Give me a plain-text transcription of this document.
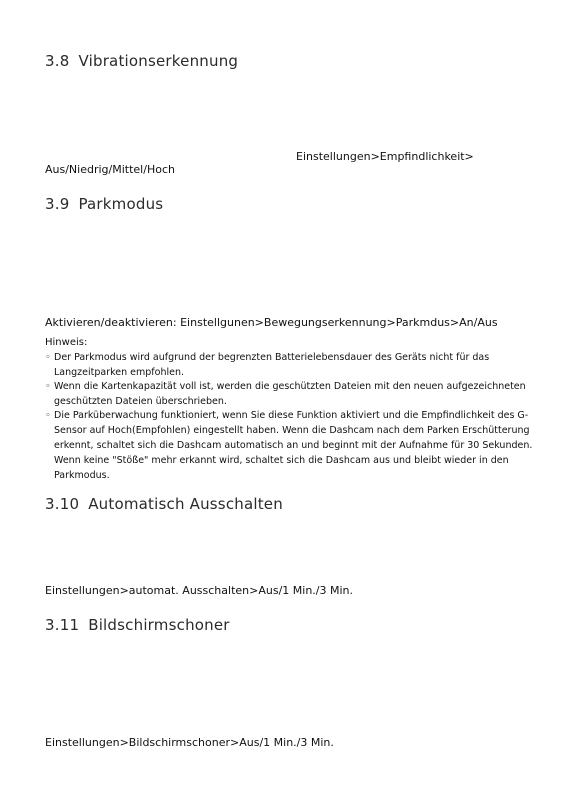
3.8 Vibrationserkennung
Einstellungen>Empfindlichkeit>
Aus/Niedrig/Mittel/Hoch
3.9 Parkmodus
Aktivieren/deaktivieren: Einstellgunen>Bewegungserkennung>Parkmdus>An/Aus
Hinweis:
◦ Der Parkmodus wird aufgrund der begrenzten Batterielebensdauer des Geräts nicht für das Langzeitparken empfohlen.
◦ Wenn die Kartenkapazität voll ist, werden die geschützten Dateien mit den neuen aufgezeichneten geschützten Dateien überschrieben.
◦ Die Parküberwachung funktioniert, wenn Sie diese Funktion aktiviert und die Empfindlichkeit des G-Sensor auf Hoch(Empfohlen) eingestellt haben. Wenn die Dashcam nach dem Parken Erschütterung erkennt, schaltet sich die Dashcam automatisch an und beginnt mit der Aufnahme für 30 Sekunden. Wenn keine "Stöße" mehr erkannt wird, schaltet sich die Dashcam aus und bleibt wieder in den Parkmodus.
3.10 Automatisch Ausschalten
Einstellungen>automat. Ausschalten>Aus/1 Min./3 Min.
3.11 Bildschirmschoner
Einstellungen>Bildschirmschoner>Aus/1 Min./3 Min.
